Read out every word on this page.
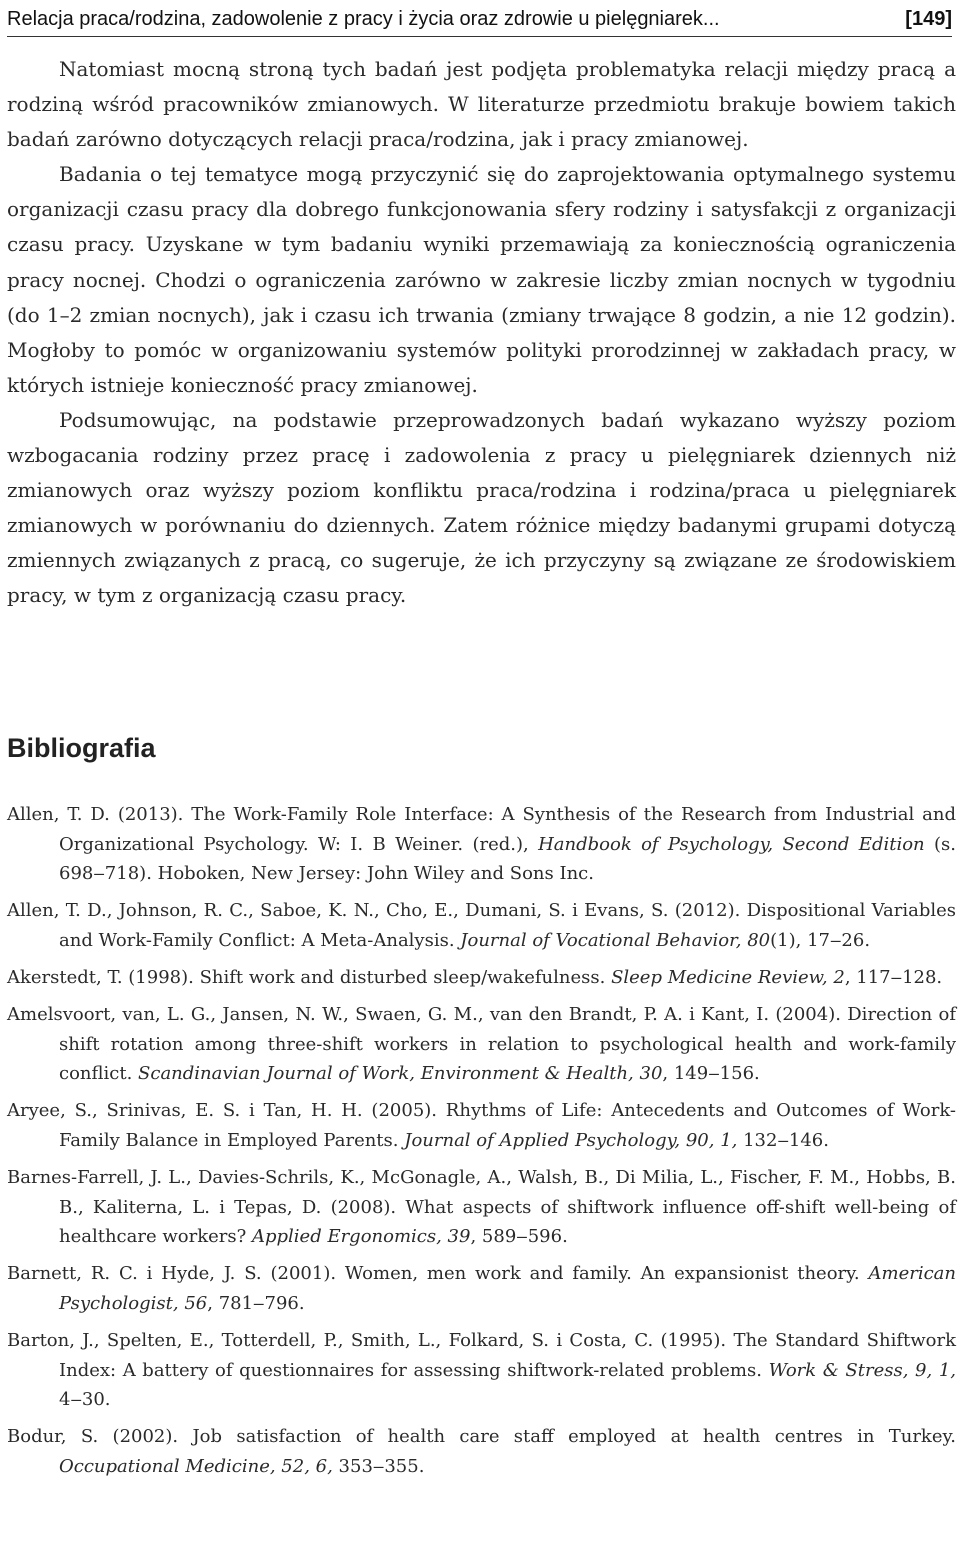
Relacja praca/rodzina, zadowolenie z pracy i życia oraz zdrowie u pielęgniarek...	[149]

Natomiast mocną stroną tych badań jest podjęta problematyka relacji między pracą a rodziną wśród pracowników zmianowych. W literaturze przedmiotu brakuje bowiem takich badań zarówno dotyczących relacji praca/rodzina, jak i pracy zmianowej.

Badania o tej tematyce mogą przyczynić się do zaprojektowania optymalnego systemu organizacji czasu pracy dla dobrego funkcjonowania sfery rodziny i satysfakcji z organizacji czasu pracy. Uzyskane w tym badaniu wyniki przemawiają za koniecznością ograniczenia pracy nocnej. Chodzi o ograniczenia zarówno w zakresie liczby zmian nocnych w tygodniu (do 1–2 zmian nocnych), jak i czasu ich trwania (zmiany trwające 8 godzin, a nie 12 godzin). Mogłoby to pomóc w organizowaniu systemów polityki prorodzinnej w zakładach pracy, w których istnieje konieczność pracy zmianowej.

Podsumowując, na podstawie przeprowadzonych badań wykazano wyższy poziom wzbogacania rodziny przez pracę i zadowolenia z pracy u pielęgniarek dziennych niż zmianowych oraz wyższy poziom konfliktu praca/rodzina i rodzina/praca u pielęgniarek zmianowych w porównaniu do dziennych. Zatem różnice między badanymi grupami dotyczą zmiennych związanych z pracą, co sugeruje, że ich przyczyny są związane ze środowiskiem pracy, w tym z organizacją czasu pracy.

Bibliografia

Allen, T. D. (2013). The Work-Family Role Interface: A Synthesis of the Research from Industrial and Organizational Psychology. W: I. B Weiner. (red.), Handbook of Psychology, Second Edition (s. 698‒718). Hoboken, New Jersey: John Wiley and Sons Inc.

Allen, T. D., Johnson, R. C., Saboe, K. N., Cho, E., Dumani, S. i Evans, S. (2012). Dispositional Variables and Work-Family Conflict: A Meta-Analysis. Journal of Vocational Behavior, 80(1), 17‒26.

Akerstedt, T. (1998). Shift work and disturbed sleep/wakefulness. Sleep Medicine Review, 2, 117‒128.

Amelsvoort, van, L. G., Jansen, N. W., Swaen, G. M., van den Brandt, P. A. i Kant, I. (2004). Direction of shift rotation among three-shift workers in relation to psychological health and work-family conflict. Scandinavian Journal of Work, Environment & Health, 30, 149‒156.

Aryee, S., Srinivas, E. S. i Tan, H. H. (2005). Rhythms of Life: Antecedents and Outcomes of Work-Family Balance in Employed Parents. Journal of Applied Psychology, 90, 1, 132‒146.

Barnes-Farrell, J. L., Davies-Schrils, K., McGonagle, A., Walsh, B., Di Milia, L., Fischer, F. M., Hobbs, B. B., Kaliterna, L. i Tepas, D. (2008). What aspects of shiftwork influence off-shift well-being of healthcare workers? Applied Ergonomics, 39, 589‒596.

Barnett, R. C. i Hyde, J. S. (2001). Women, men work and family. An expansionist theory. American Psychologist, 56, 781‒796.

Barton, J., Spelten, E., Totterdell, P., Smith, L., Folkard, S. i Costa, C. (1995). The Standard Shiftwork Index: A battery of questionnaires for assessing shiftwork-related problems. Work & Stress, 9, 1, 4‒30.

Bodur, S. (2002). Job satisfaction of health care staff employed at health centres in Turkey. Occupational Medicine, 52, 6, 353‒355.
